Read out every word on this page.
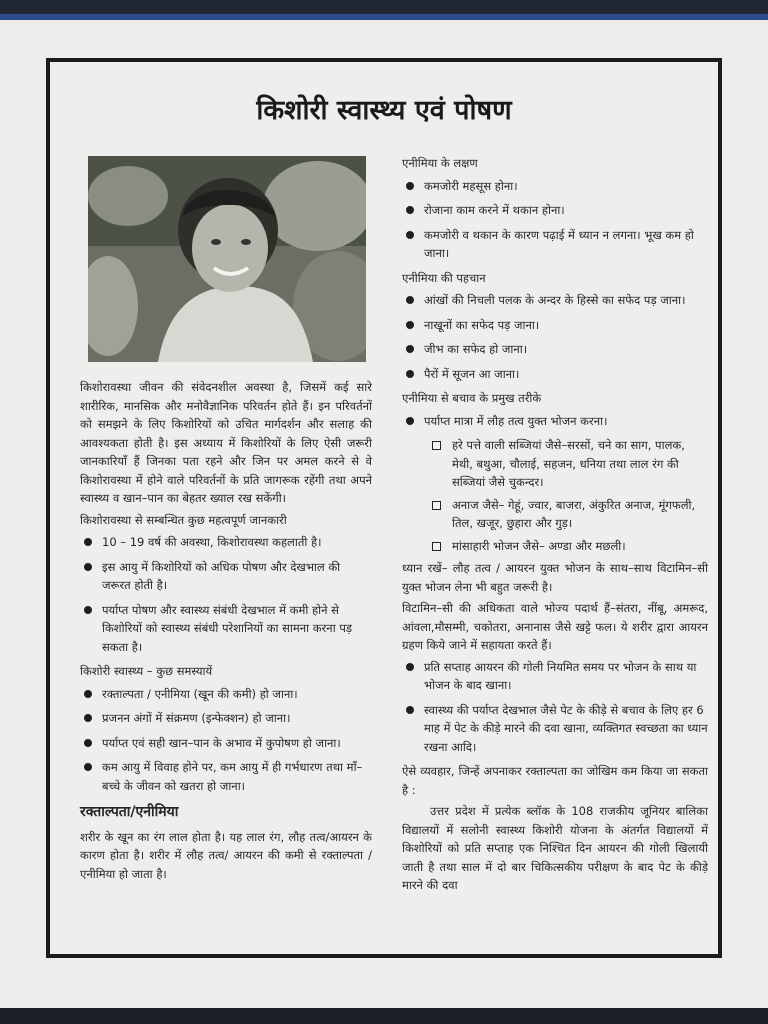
किशोरी स्वास्थ्य एवं पोषण

किशोरावस्था जीवन की संवेदनशील अवस्था है, जिसमें कई सारे शारीरिक, मानसिक और मनोवैज्ञानिक परिवर्तन होते हैं। इन परिवर्तनों को समझने के लिए किशोरियों को उचित मार्गदर्शन और सलाह की आवश्यकता होती है। इस अध्याय में किशोरियों के लिए ऐसी जरूरी जानकारियाँ हैं जिनका पता रहने और जिन पर अमल करने से वे किशोरावस्था में होने वाले परिवर्तनों के प्रति जागरूक रहेंगी तथा अपने स्वास्थ्य व खान–पान का बेहतर ख्याल रख सकेंगी।

किशोरावस्था से सम्बन्धित कुछ महत्वपूर्ण जानकारी

10 – 19 वर्ष की अवस्था, किशोरावस्था कहलाती है।
इस आयु में किशोरियों को अधिक पोषण और देखभाल की जरूरत होती है।
पर्याप्त पोषण और स्वास्थ्य संबंधी देखभाल में कमी होने से किशोरियों को स्वास्थ्य संबंधी परेशानियों का सामना करना पड़ सकता है।

किशोरी स्वास्थ्य – कुछ समस्यायें

रक्ताल्पता / एनीमिया (खून की कमी) हो जाना।
प्रजनन अंगों में संक्रमण (इन्फेक्शन) हो जाना।
पर्याप्त एवं सही खान–पान के अभाव में कुपोषण हो जाना।
कम आयु में विवाह होने पर, कम आयु में ही गर्भधारण तथा माँ– बच्चे के जीवन को खतरा हो जाना।

रक्ताल्पता/एनीमिया

शरीर के खून का रंग लाल होता है। यह लाल रंग, लौह तत्व/आयरन के कारण होता है। शरीर में लौह तत्व/ आयरन की कमी से रक्ताल्पता / एनीमिया हो जाता है।

एनीमिया के लक्षण

कमजोरी महसूस होना।
रोजाना काम करने में थकान होना।
कमजोरी व थकान के कारण पढ़ाई में ध्यान न लगना। भूख कम हो जाना।

एनीमिया की पहचान

आंखों की निचली पलक के अन्दर के हिस्से का सफेद पड़ जाना।
नाखूनों का सफेद पड़ जाना।
जीभ का सफेद हो जाना।
पैरों में सूजन आ जाना।

एनीमिया से बचाव के प्रमुख तरीके

पर्याप्त मात्रा में लौह तत्व युक्त भोजन करना।
हरे पत्ते वाली सब्जियां जैसे–सरसों, चने का साग, पालक, मेथी, बथुआ, चौलाई, सहजन, धनिया तथा लाल रंग की सब्जियां जैसे चुकन्दर।
अनाज जैसे– गेहूं, ज्वार, बाजरा, अंकुरित अनाज, मूंगफली, तिल, खजूर, छुहारा और गुड़।
मांसाहारी भोजन जैसे– अण्डा और मछली।

ध्यान रखें– लौह तत्व / आयरन युक्त भोजन के साथ–साथ विटामिन–सी युक्त भोजन लेना भी बहुत जरूरी है।

विटामिन–सी की अधिकता वाले भोज्य पदार्थ हैं–संतरा, नींबू, अमरूद, आंवला,मौसम्मी, चकोतरा, अनानास जैसे खट्टे फल। ये शरीर द्वारा आयरन ग्रहण किये जाने में सहायता करते हैं।

प्रति सप्ताह आयरन की गोली नियमित समय पर भोजन के साथ या भोजन के बाद खाना।
स्वास्थ्य की पर्याप्त देखभाल जैसे पेट के कीड़े से बचाव के लिए हर 6 माह में पेट के कीड़े मारने की दवा खाना, व्यक्तिगत स्वच्छता का ध्यान रखना आदि।

ऐसे व्यवहार, जिन्हें अपनाकर रक्ताल्पता का जोखिम कम किया जा सकता है :

उत्तर प्रदेश में प्रत्येक ब्लॉक के 108 राजकीय जूनियर बालिका विद्यालयों में सलोनी स्वास्थ्य किशोरी योजना के अंतर्गत विद्यालयों में किशोरियों को प्रति सप्ताह एक निश्चित दिन आयरन की गोली खिलायी जाती है तथा साल में दो बार चिकित्सकीय परीक्षण के बाद पेट के कीड़े मारने की दवा
